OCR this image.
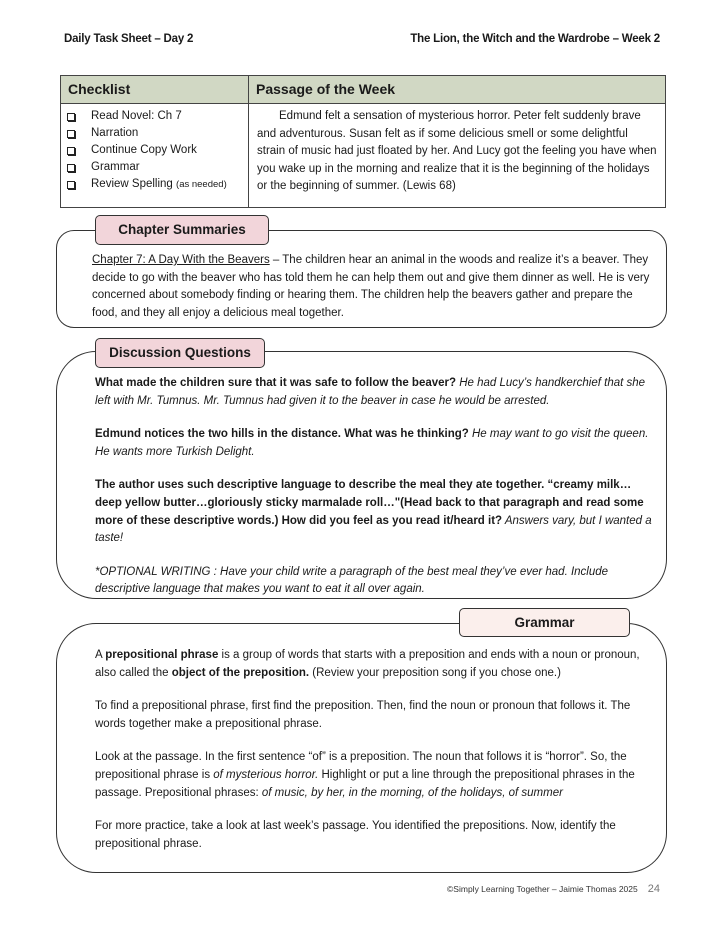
Daily Task Sheet – Day 2	The Lion, the Witch and the Wardrobe – Week 2
Checklist	Passage of the Week
Read Novel: Ch 7
Narration
Continue Copy Work
Grammar
Review Spelling
(as needed)
Edmund felt a sensation of mysterious horror. Peter felt suddenly brave and adventurous. Susan felt as if some delicious smell or some delightful strain of music had just floated by her. And Lucy got the feeling you have when you wake up in the morning and realize that it is the beginning of the holidays or the beginning of summer. (Lewis 68)
Chapter Summaries
Chapter 7: A Day With the Beavers – The children hear an animal in the woods and realize it’s a beaver. They decide to go with the beaver who has told them he can help them out and give them dinner as well. He is very concerned about somebody finding or hearing them. The children help the beavers gather and prepare the food, and they all enjoy a delicious meal together.
Discussion Questions

What made the children sure that it was safe to follow the beaver? He had Lucy’s handkerchief that she left with Mr. Tumnus. Mr. Tumnus had given it to the beaver in case he would be arrested.

Edmund notices the two hills in the distance. What was he thinking? He may want to go visit the queen. He wants more Turkish Delight.

The author uses such descriptive language to describe the meal they ate together. “creamy milk…deep yellow butter…gloriously sticky marmalade roll…"(Head back to that paragraph and read some more of these descriptive words.) How did you feel as you read it/heard it? Answers vary, but I wanted a taste!

*OPTIONAL WRITING : Have your child write a paragraph of the best meal they’ve ever had. Include descriptive language that makes you want to eat it all over again.

Grammar

A prepositional phrase is a group of words that starts with a preposition and ends with a noun or pronoun, also called the object of the preposition. (Review your preposition song if you chose one.)

To find a prepositional phrase, first find the preposition. Then, find the noun or pronoun that follows it. The words together make a prepositional phrase.

Look at the passage. In the first sentence “of” is a preposition. The noun that follows it is “horror”. So, the prepositional phrase is of mysterious horror. Highlight or put a line through the prepositional phrases in the passage. Prepositional phrases: of music, by her, in the morning, of the holidays, of summer

For more practice, take a look at last week’s passage. You identified the prepositions. Now, identify the prepositional phrase.

©Simply Learning Together – Jaimie Thomas 2025 24
